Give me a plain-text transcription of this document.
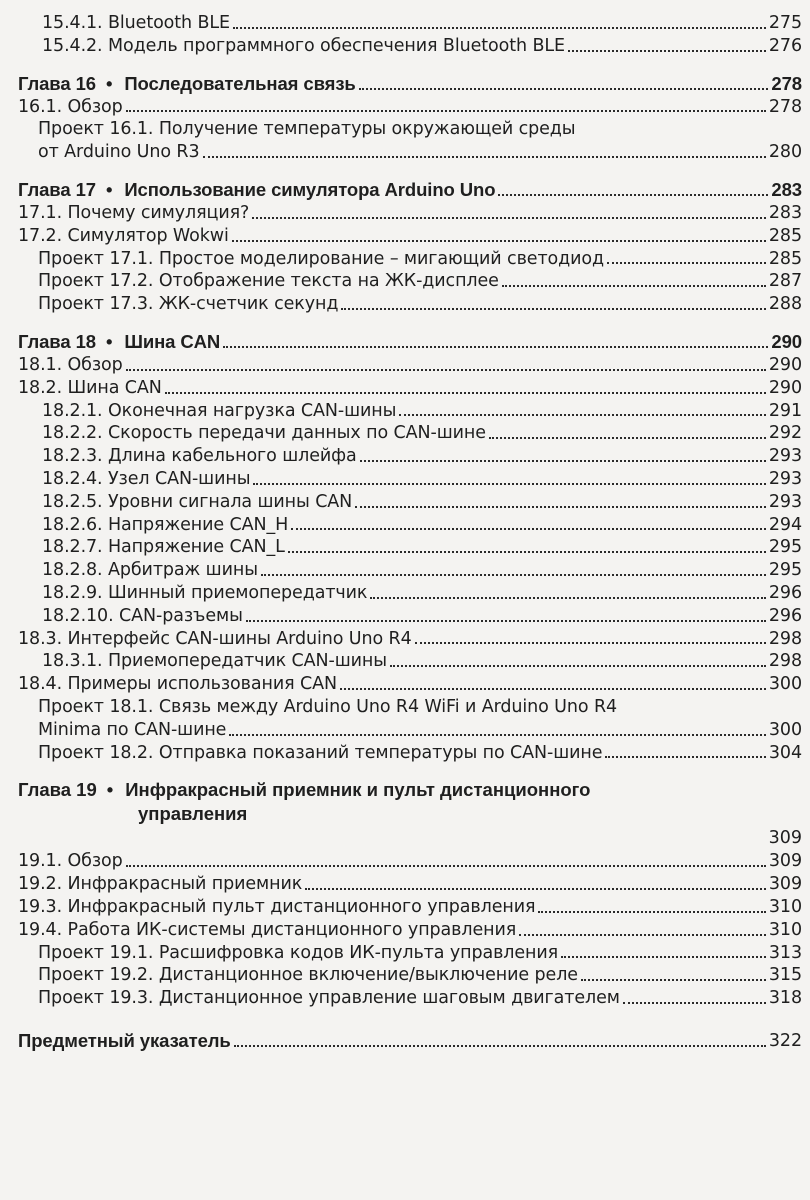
15.4.1. Bluetooth BLE	275
15.4.2. Модель программного обеспечения Bluetooth BLE	276
Глава 16 • Последовательная связь	278
16.1. Обзор	278
Проект 16.1. Получение температуры окружающей среды
от Arduino Uno R3	280
Глава 17 • Использование симулятора Arduino Uno	283
17.1. Почему симуляция?	283
17.2. Симулятор Wokwi	285
Проект 17.1. Простое моделирование – мигающий светодиод	285
Проект 17.2. Отображение текста на ЖК-дисплее	287
Проект 17.3. ЖК-счетчик секунд	288
Глава 18 • Шина CAN	290
18.1. Обзор	290
18.2. Шина CAN	290
18.2.1. Оконечная нагрузка CAN-шины	291
18.2.2. Скорость передачи данных по CAN-шине	292
18.2.3. Длина кабельного шлейфа	293
18.2.4. Узел CAN-шины	293
18.2.5. Уровни сигнала шины CAN	293
18.2.6. Напряжение CAN_H	294
18.2.7. Напряжение CAN_L	295
18.2.8. Арбитраж шины	295
18.2.9. Шинный приемопередатчик	296
18.2.10. CAN-разъемы	296
18.3. Интерфейс CAN-шины Arduino Uno R4	298
18.3.1. Приемопередатчик CAN-шины	298
18.4. Примеры использования CAN	300
Проект 18.1. Связь между Arduino Uno R4 WiFi и Arduino Uno R4
Minima по CAN-шине	300
Проект 18.2. Отправка показаний температуры по CAN-шине	304
Глава 19 • Инфракрасный приемник и пульт дистанционного
управления
309
19.1. Обзор	309
19.2. Инфракрасный приемник	309
19.3. Инфракрасный пульт дистанционного управления	310
19.4. Работа ИК-системы дистанционного управления	310
Проект 19.1. Расшифровка кодов ИК-пульта управления	313
Проект 19.2. Дистанционное включение/выключение реле	315
Проект 19.3. Дистанционное управление шаговым двигателем	318
Предметный указатель	322
